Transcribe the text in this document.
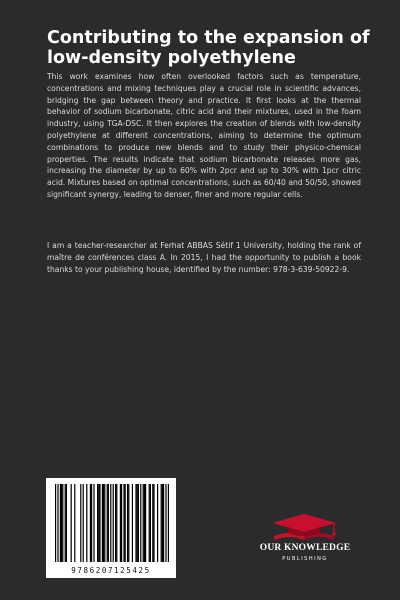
Contributing to the expansion of low-density polyethylene

This work examines how often overlooked factors such as temperature, concentrations and mixing techniques play a crucial role in scientific advances, bridging the gap between theory and practice. It first looks at the thermal behavior of sodium bicarbonate, citric acid and their mixtures, used in the foam industry, using TGA-DSC. It then explores the creation of blends with low-density polyethylene at different concentrations, aiming to determine the optimum combinations to produce new blends and to study their physico-chemical properties. The results indicate that sodium bicarbonate releases more gas, increasing the diameter by up to 60% with 2pcr and up to 30% with 1pcr citric acid. Mixtures based on optimal concentrations, such as 60/40 and 50/50, showed significant synergy, leading to denser, finer and more regular cells.

I am a teacher-researcher at Ferhat ABBAS Sétif 1 University, holding the rank of maître de conférences class A. In 2015, I had the opportunity to publish a book thanks to your publishing house, identified by the number: 978-3-639-50922-9.

9786207125425
OUR KNOWLEDGE
PUBLISHING
